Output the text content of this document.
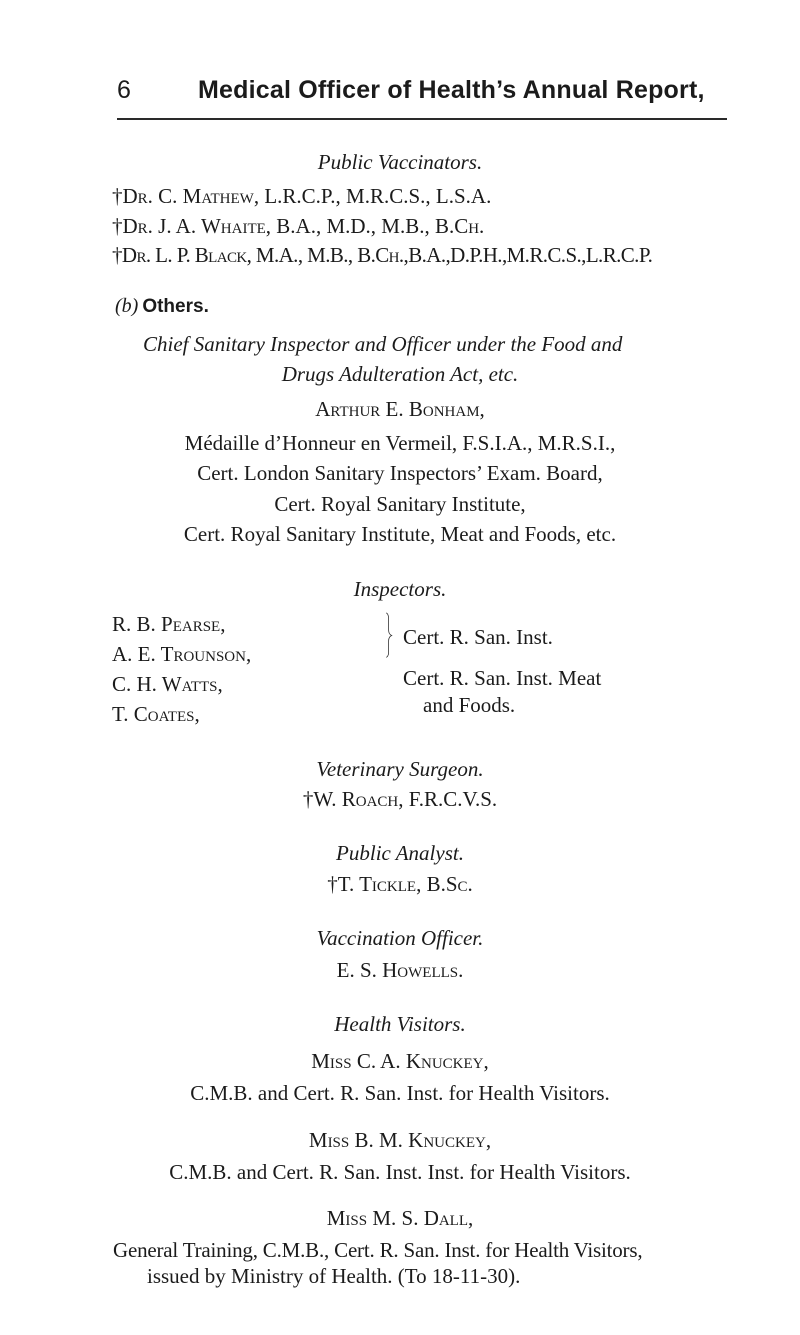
6	Medical Officer of Health’s Annual Report,
Public Vaccinators.
†Dr. C. Mathew, L.R.C.P., M.R.C.S., L.S.A.
†Dr. J. A. Whaite, B.A., M.D., M.B., B.Ch.
†Dr. L. P. Black, M.A., M.B., B.Ch.,B.A.,D.P.H.,M.R.C.S.,L.R.C.P.
(b) Others.
Chief Sanitary Inspector and Officer under the Food and
Drugs Adulteration Act, etc.
Arthur E. Bonham,
Médaille d’Honneur en Vermeil, F.S.I.A., M.R.S.I.,
Cert. London Sanitary Inspectors’ Exam. Board,
Cert. Royal Sanitary Institute,
Cert. Royal Sanitary Institute, Meat and Foods, etc.
Inspectors.
R. B. Pearse,
A. E. Trounson,
C. H. Watts,
T. Coates,
Cert. R. San. Inst.
Cert. R. San. Inst. Meat
and Foods.
Veterinary Surgeon.
†W. Roach, F.R.C.V.S.
Public Analyst.
†T. Tickle, B.Sc.
Vaccination Officer.
E. S. Howells.
Health Visitors.
Miss C. A. Knuckey,
C.M.B. and Cert. R. San. Inst. for Health Visitors.
Miss B. M. Knuckey,
C.M.B. and Cert. R. San. Inst. Inst. for Health Visitors.
Miss M. S. Dall,
General Training, C.M.B., Cert. R. San. Inst. for Health Visitors,
issued by Ministry of Health. (To 18-11-30).
